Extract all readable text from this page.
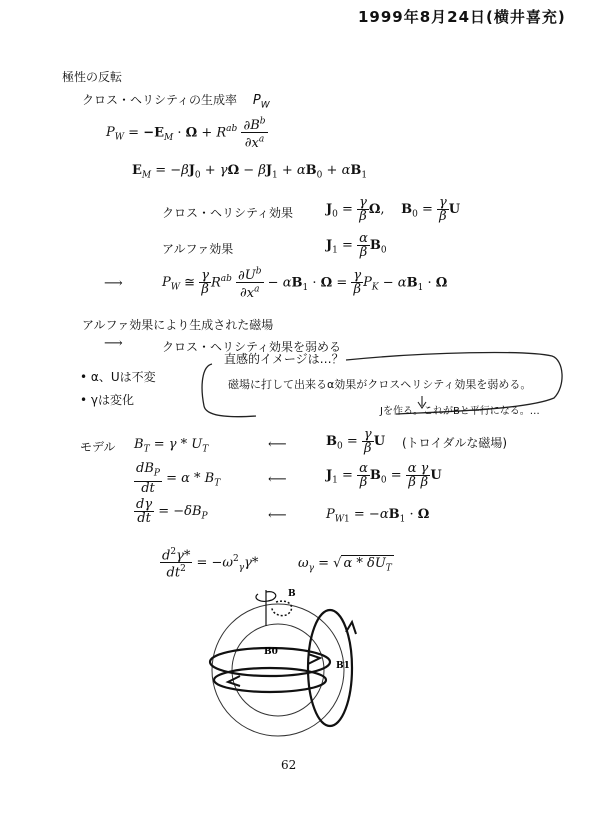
1999年8月24日(横井喜充)
極性の反転
クロス・ヘリシティの生成率 $P_W$
$P_W = -E_M \cdot \Omega + R^{ab} \frac{\partial B^b}{\partial x^a}$
$E_M = -\beta J_0 + \gamma\Omega - \beta J_1 + \alpha B_0 + \alpha B_1$
クロス・ヘリシティ効果	$J_0 = \frac{\gamma}{\beta} \Omega$,    $B_0 = \frac{\gamma}{\beta}$ U
アルファ効果	$J_1 = \frac{\alpha}{\beta} B_0$
⟶	$P_W$ ≅ $\frac{\gamma}{\beta} R^{ab} \frac{\partial U^b}{\partial x^a} - \alpha B_1 \cdot \Omega = \frac{\gamma}{\beta} P_K - \alpha B_1 \cdot \Omega$
アルファ効果により生成された磁場
⟶	クロス・ヘリシティ効果を弱める
• α、Uは不変
• γは変化
直感的イメージは…？
磁場に打して出来るα効果がクロスヘリシティ効果を弱める。
Jを作る。これがBと平行になる。…
モデル $B_T = \gamma * U_T$	⟵	$B_0 = \frac{\gamma}{\beta}$ U (トロイダルな磁場)
$\frac{dB_P}{dt} = \alpha * B_T$	⟵	$J_1 = \frac{\alpha}{\beta} B_0 = \frac{\alpha}{\beta} \frac{\gamma}{\beta}$ U
$\frac{d\gamma}{dt} = -\delta B_P$	⟵	$P_{W1} = -\alpha B_1 \cdot \Omega$
$\frac{d^2\gamma*}{dt^2} = -\omega^2_\gamma\gamma*$	$\omega_\gamma$ = √ α * $\delta U_T$
B
B0
B1
62
